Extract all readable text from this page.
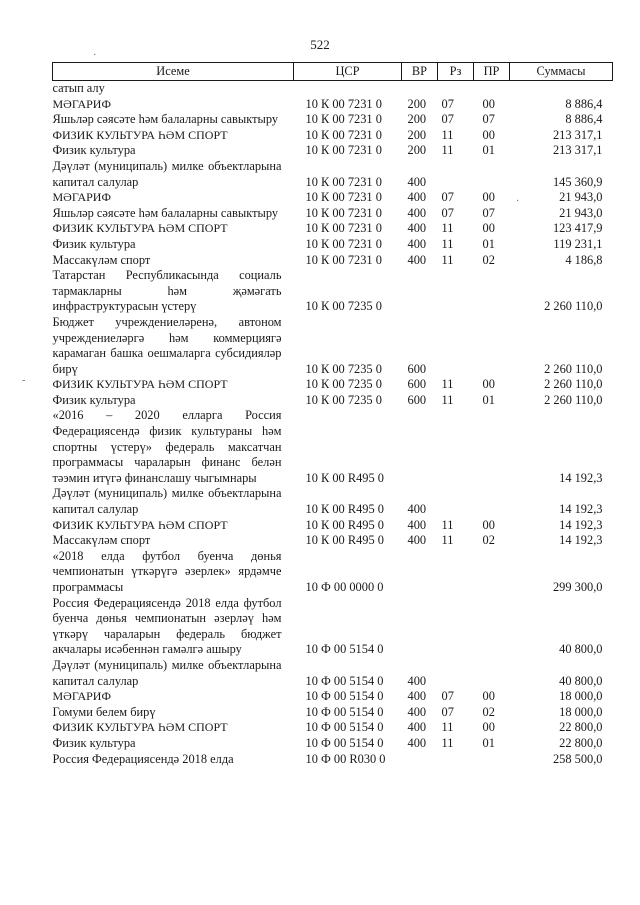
522
·
-
·
Исеме	ЦСР	ВР	Рз	ПР	Суммасы
сатып алу					
МӘГАРИФ	10 К 00 7231 0	200	07	00	8 886,4
Яшьләр сәясәте һәм балаларны савыктыру	10 К 00 7231 0	200	07	07	8 886,4
ФИЗИК КУЛЬТУРА ҺӘМ СПОРТ	10 К 00 7231 0	200	11	00	213 317,1
Физик культура	10 К 00 7231 0	200	11	01	213 317,1
Дәүләт (муниципаль) милке объектларына капитал салулар	10 К 00 7231 0	400			145 360,9
МӘГАРИФ	10 К 00 7231 0	400	07	00	21 943,0
Яшьләр сәясәте һәм балаларны савыктыру	10 К 00 7231 0	400	07	07	21 943,0
ФИЗИК КУЛЬТУРА ҺӘМ СПОРТ	10 К 00 7231 0	400	11	00	123 417,9
Физик культура	10 К 00 7231 0	400	11	01	119 231,1
Массакүләм спорт	10 К 00 7231 0	400	11	02	4 186,8
Татарстан Республикасында социаль тармакларны һәм җәмәгать инфраструктурасын үстерү	10 К 00 7235 0				2 260 110,0
Бюджет учреждениеләренә, автоном учреждениеләргә һәм коммерциягә карамаган башка оешмаларга субсидияләр бирү	10 К 00 7235 0	600			2 260 110,0
ФИЗИК КУЛЬТУРА ҺӘМ СПОРТ	10 К 00 7235 0	600	11	00	2 260 110,0
Физик культура	10 К 00 7235 0	600	11	01	2 260 110,0
«2016 – 2020 елларга Россия Федерациясендә физик культураны һәм спортны үстерү» федераль максатчан программасы чараларын финанс белән тәэмин итүгә финанслашу чыгымнары	10 К 00 R495 0				14 192,3
Дәүләт (муниципаль) милке объектларына капитал салулар	10 К 00 R495 0	400			14 192,3
ФИЗИК КУЛЬТУРА ҺӘМ СПОРТ	10 К 00 R495 0	400	11	00	14 192,3
Массакүләм спорт	10 К 00 R495 0	400	11	02	14 192,3
«2018 елда футбол буенча дөнья чемпионатын үткәрүгә әзерлек» ярдәмче программасы	10 Ф 00 0000 0				299 300,0
Россия Федерациясендә 2018 елда футбол буенча дөнья чемпионатын әзерләү һәм үткәрү чараларын федераль бюджет акчалары исәбеннән гамәлгә ашыру	10 Ф 00 5154 0				40 800,0
Дәүләт (муниципаль) милке объектларына капитал салулар	10 Ф 00 5154 0	400			40 800,0
МӘГАРИФ	10 Ф 00 5154 0	400	07	00	18 000,0
Гомуми белем бирү	10 Ф 00 5154 0	400	07	02	18 000,0
ФИЗИК КУЛЬТУРА ҺӘМ СПОРТ	10 Ф 00 5154 0	400	11	00	22 800,0
Физик культура	10 Ф 00 5154 0	400	11	01	22 800,0
Россия Федерациясендә 2018 елда	10 Ф 00 R030 0				258 500,0
